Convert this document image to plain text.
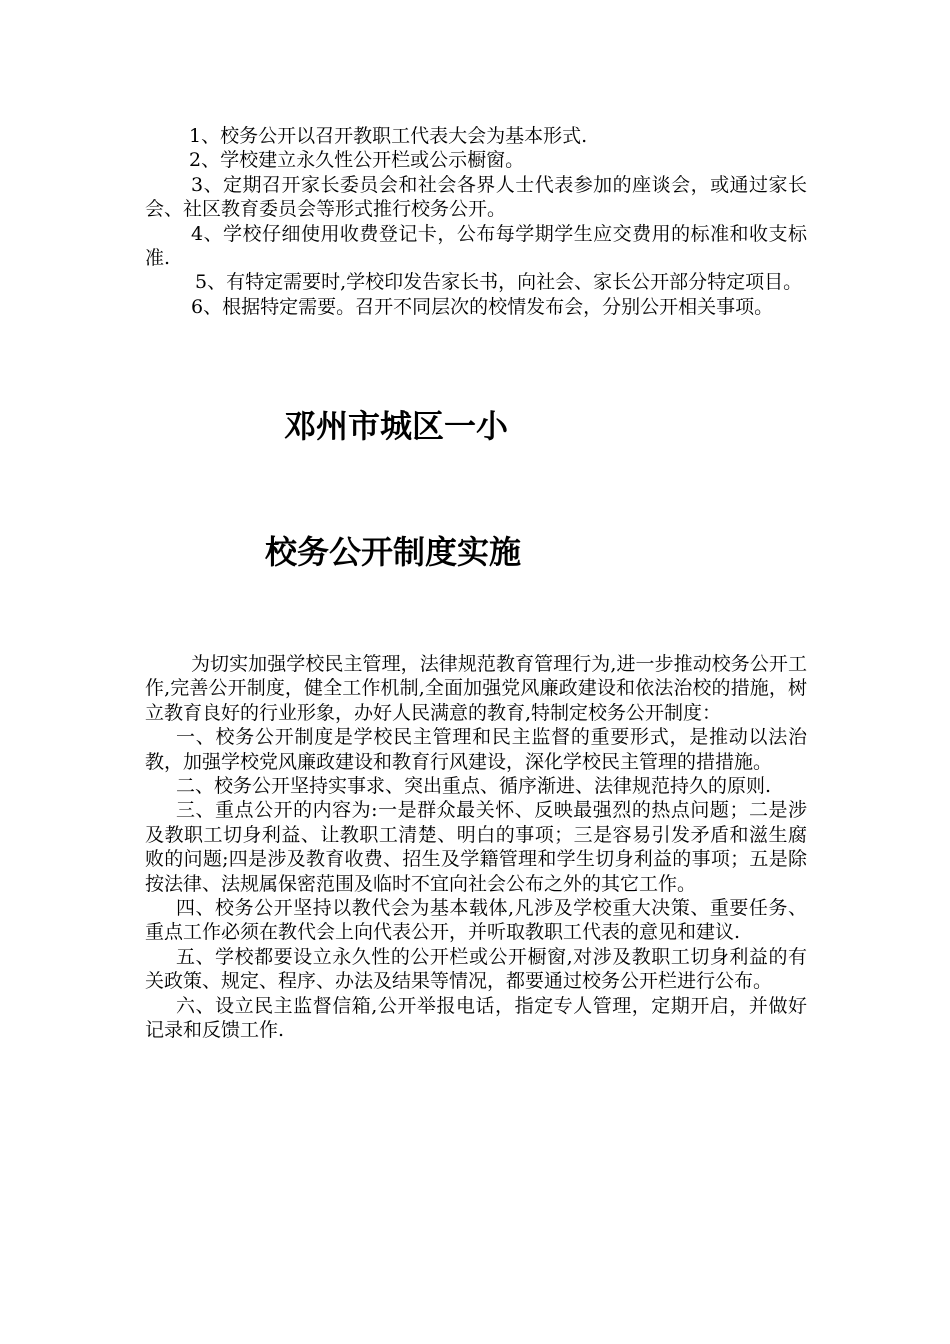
1、校务公开以召开教职工代表大会为基本形式.

2、学校建立永久性公开栏或公示橱窗。

3、定期召开家长委员会和社会各界人士代表参加的座谈会，或通过家长会、社区教育委员会等形式推行校务公开。

4、学校仔细使用收费登记卡，公布每学期学生应交费用的标准和收支标准.

5、有特定需要时,学校印发告家长书，向社会、家长公开部分特定项目。

6、根据特定需要。召开不同层次的校情发布会，分别公开相关事项。

邓州市城区一小
校务公开制度实施

为切实加强学校民主管理，法律规范教育管理行为,进一步推动校务公开工作,完善公开制度，健全工作机制,全面加强党风廉政建设和依法治校的措施，树立教育良好的行业形象，办好人民满意的教育,特制定校务公开制度：

一、校务公开制度是学校民主管理和民主监督的重要形式，是推动以法治教，加强学校党风廉政建设和教育行风建设，深化学校民主管理的措措施。

二、校务公开坚持实事求、突出重点、循序渐进、法律规范持久的原则.

三、重点公开的内容为:一是群众最关怀、反映最强烈的热点问题；二是涉及教职工切身利益、让教职工清楚、明白的事项；三是容易引发矛盾和滋生腐败的问题;四是涉及教育收费、招生及学籍管理和学生切身利益的事项；五是除按法律、法规属保密范围及临时不宜向社会公布之外的其它工作。

四、校务公开坚持以教代会为基本载体,凡涉及学校重大决策、重要任务、重点工作必须在教代会上向代表公开，并听取教职工代表的意见和建议.

五、学校都要设立永久性的公开栏或公开橱窗,对涉及教职工切身利益的有关政策、规定、程序、办法及结果等情况，都要通过校务公开栏进行公布。

六、设立民主监督信箱,公开举报电话，指定专人管理，定期开启，并做好记录和反馈工作.
